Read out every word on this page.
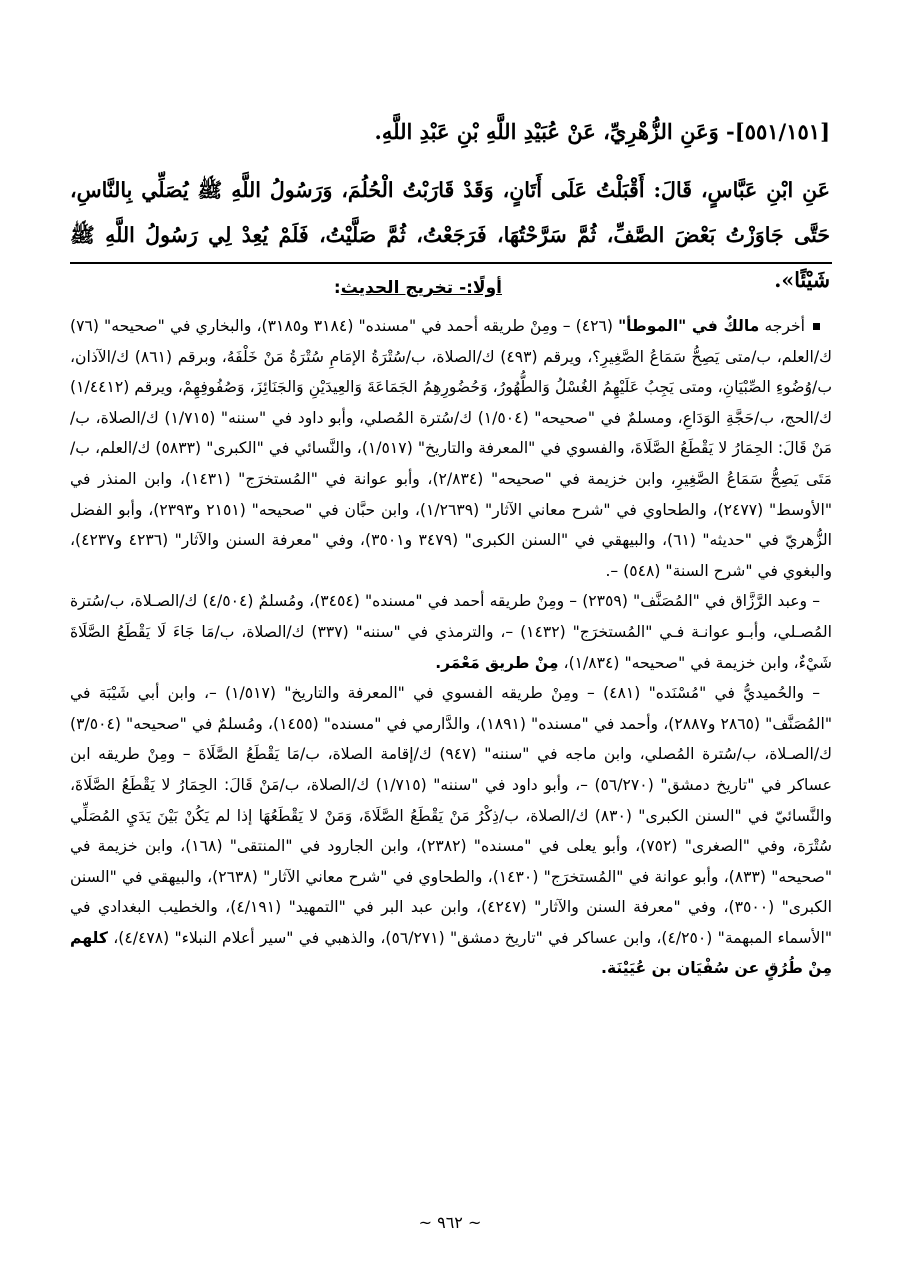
[٥٥١/١٥١]- وَعَنِ الزُّهْرِيِّ، عَنْ عُبَيْدِ اللَّهِ بْنِ عَبْدِ اللَّهِ.
عَنِ ابْنِ عَبَّاسٍ، قَالَ: أَقْبَلْتُ عَلَى أَتَانٍ، وَقَدْ قَارَبْتُ الْحُلُمَ، وَرَسُولُ اللَّهِ ﷺ يُصَلِّي بِالنَّاسِ، حَتَّى جَاوَزْتُ بَعْضَ الصَّفِّ، ثُمَّ سَرَّحْتُهَا، فَرَجَعْتُ، ثُمَّ صَلَّيْتُ، فَلَمْ يُعِدْ لِي رَسُولُ اللَّهِ ﷺ شَيْئًا».
أولًا:- تخريج الحديث:

أخرجه مالكٌ في "الموطأ" (٤٢٦) – ومِنْ طريقه أحمد في "مسنده" (٣١٨٤ و٣١٨٥)، والبخاري في "صحيحه" (٧٦) ك/العلم، ب/متى يَصِحُّ سَمَاعُ الصَّغِيرِ؟، ويرقم (٤٩٣) ك/الصلاة، ب/سُتْرَةُ الإمَامِ سُتْرَةُ مَنْ خَلْفَهُ، وبرقم (٨٦١) ك/الآذان، ب/وُضُوءِ الصِّبْيَانِ، ومتى يَجِبُ عَلَيْهِمُ الغُسْلُ وَالطُّهُورُ، وَحُضُورِهِمُ الجَمَاعَةَ وَالعِيدَيْنِ وَالجَنَائِزَ، وَصُفُوفِهِمْ، ويرقم (١/٤٤١٢) ك/الحج، ب/حَجَّةِ الوَدَاعِ، ومسلمٌ في "صحيحه" (١/٥٠٤) ك/سُترة المُصلي، وأبو داود في "سننه" (١/٧١٥) ك/الصلاة، ب/مَنْ قَالَ: الحِمَارُ لا يَقْطَعُ الصَّلَاةَ، والفسوي في "المعرفة والتاريخ" (١/٥١٧)، والنَّسائي في "الكبرى" (٥٨٣٣) ك/العلم، ب/مَتَى يَصِحُّ سَمَاعُ الصَّغِيرِ، وابن خزيمة في "صحيحه" (٢/٨٣٤)، وأبو عوانة في "المُستخرَج" (١٤٣١)، وابن المنذر في "الأوسط" (٢٤٧٧)، والطحاوي في "شرح معاني الآثار" (١/٢٦٣٩)، وابن حبَّان في "صحيحه" (٢١٥١ و٢٣٩٣)، وأبو الفضل الزُّهريّ في "حديثه" (٦١)، والبيهقي في "السنن الكبرى" (٣٤٧٩ و٣٥٠١)، وفي "معرفة السنن والآثار" (٤٢٣٦ و٤٢٣٧)، والبغوي في "شرح السنة" (٥٤٨) –.

– وعبد الرَّزَّاق في "المُصَنَّف" (٢٣٥٩) – ومِنْ طريقه أحمد في "مسنده" (٣٤٥٤)، ومُسلمٌ (٤/٥٠٤) ك/الصـلاة، ب/سُترة المُصـلي، وأبـو عوانـة فـي "المُستخرَج" (١٤٣٢) –، والترمذي في "سننه" (٣٣٧) ك/الصلاة، ب/مَا جَاءَ لَا يَقْطَعُ الصَّلَاةَ شَيْءٌ، وابن خزيمة في "صحيحه" (١/٨٣٤)، مِنْ طريق مَعْمَر.

– والحُميديُّ في "مُسْنَده" (٤٨١) – ومِنْ طريقه الفسوي في "المعرفة والتاريخ" (١/٥١٧) –، وابن أبي شَيْبَة في "المُصَنَّف" (٢٨٦٥ و٢٨٨٧)، وأحمد في "مسنده" (١٨٩١)، والدَّارمي في "مسنده" (١٤٥٥)، ومُسلمٌ في "صحيحه" (٣/٥٠٤) ك/الصـلاة، ب/سُترة المُصلي، وابن ماجه في "سننه" (٩٤٧) ك/إقامة الصلاة، ب/مَا يَقْطَعُ الصَّلَاةَ – ومِنْ طريقه ابن عساكر في "تاريخ دمشق" (٥٦/٢٧٠) –، وأبو داود في "سننه" (١/٧١٥) ك/الصلاة، ب/مَنْ قَالَ: الحِمَارُ لا يَقْطَعُ الصَّلَاةَ، والنَّسائيّ في "السنن الكبرى" (٨٣٠) ك/الصلاة، ب/ذِكْرُ مَنْ يَقْطَعُ الصَّلَاةَ، وَمَنْ لا يَقْطَعُهَا إذا لم يَكُنْ بَيْنَ يَدَيِ المُصَلِّي سُتْرَة، وفي "الصغرى" (٧٥٢)، وأبو يعلى في "مسنده" (٢٣٨٢)، وابن الجارود في "المنتقى" (١٦٨)، وابن خزيمة في "صحيحه" (٨٣٣)، وأبو عوانة في "المُستخرَج" (١٤٣٠)، والطحاوي في "شرح معاني الآثار" (٢٦٣٨)، والبيهقي في "السنن الكبرى" (٣٥٠٠)، وفي "معرفة السنن والآثار" (٤٢٤٧)، وابن عبد البر في "التمهيد" (٤/١٩١)، والخطيب البغدادي في "الأسماء المبهمة" (٤/٢٥٠)، وابن عساكر في "تاريخ دمشق" (٥٦/٢٧١)، والذهبي في "سير أعلام النبلاء" (٤/٤٧٨)، كلهم مِنْ طُرُقٍ عن سُفْيَان بن عُيَيْنَة.

~ ٩٦٢ ~
